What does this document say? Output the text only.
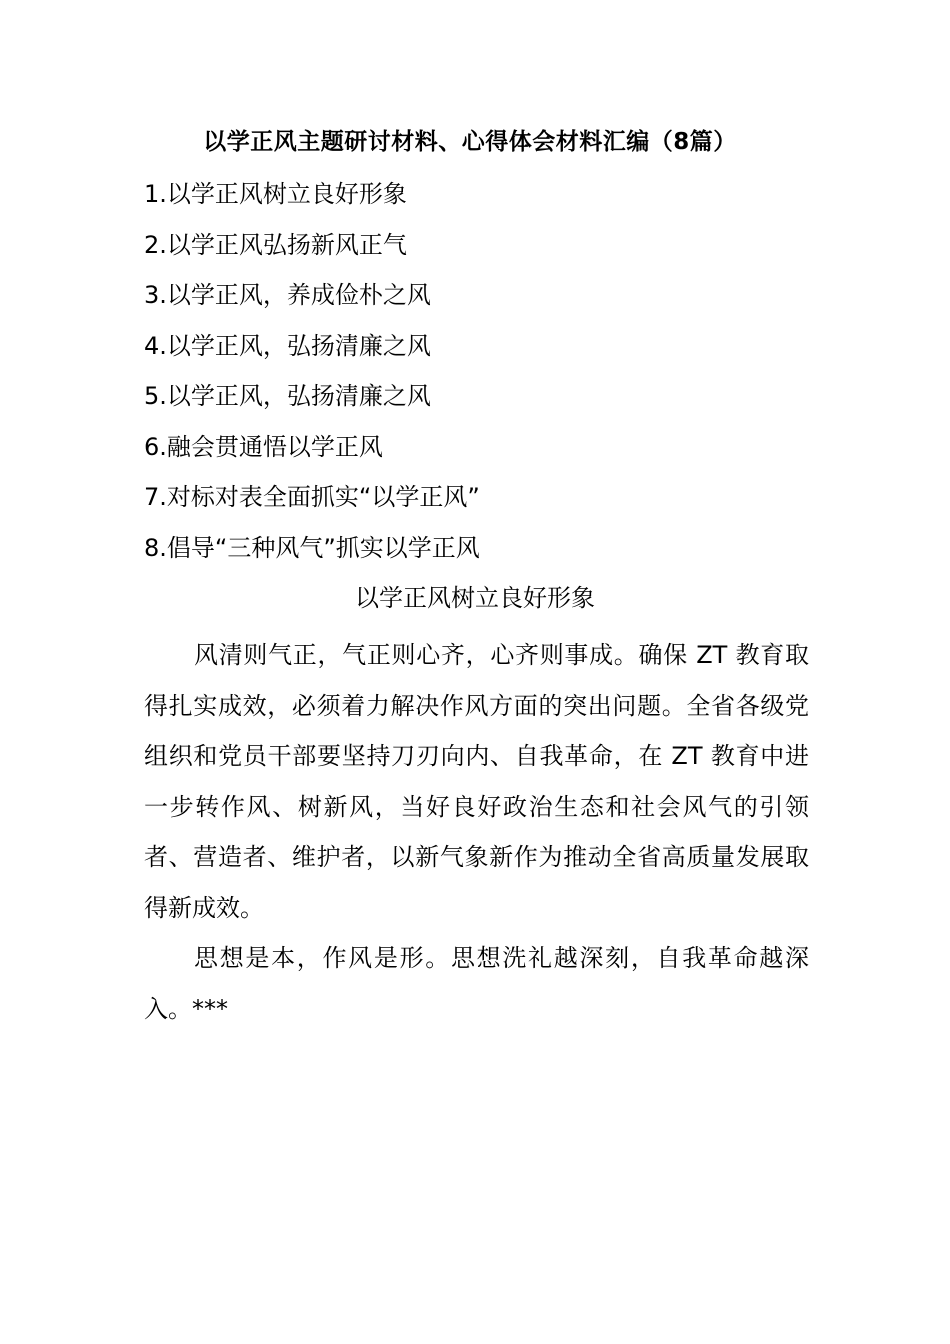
以学正风主题研讨材料、心得体会材料汇编（8篇）
1.以学正风树立良好形象
2.以学正风弘扬新风正气
3.以学正风，养成俭朴之风
4.以学正风，弘扬清廉之风
5.以学正风，弘扬清廉之风
6.融会贯通悟以学正风
7.对标对表全面抓实“以学正风”
8.倡导“三种风气”抓实以学正风
以学正风树立良好形象

风清则气正，气正则心齐，心齐则事成。确保 ZT 教育取得扎实成效，必须着力解决作风方面的突出问题。全省各级党组织和党员干部要坚持刀刃向内、自我革命，在 ZT 教育中进一步转作风、树新风，当好良好政治生态和社会风气的引领者、营造者、维护者，以新气象新作为推动全省高质量发展取得新成效。

思想是本，作风是形。思想洗礼越深刻，自我革命越深入。***
